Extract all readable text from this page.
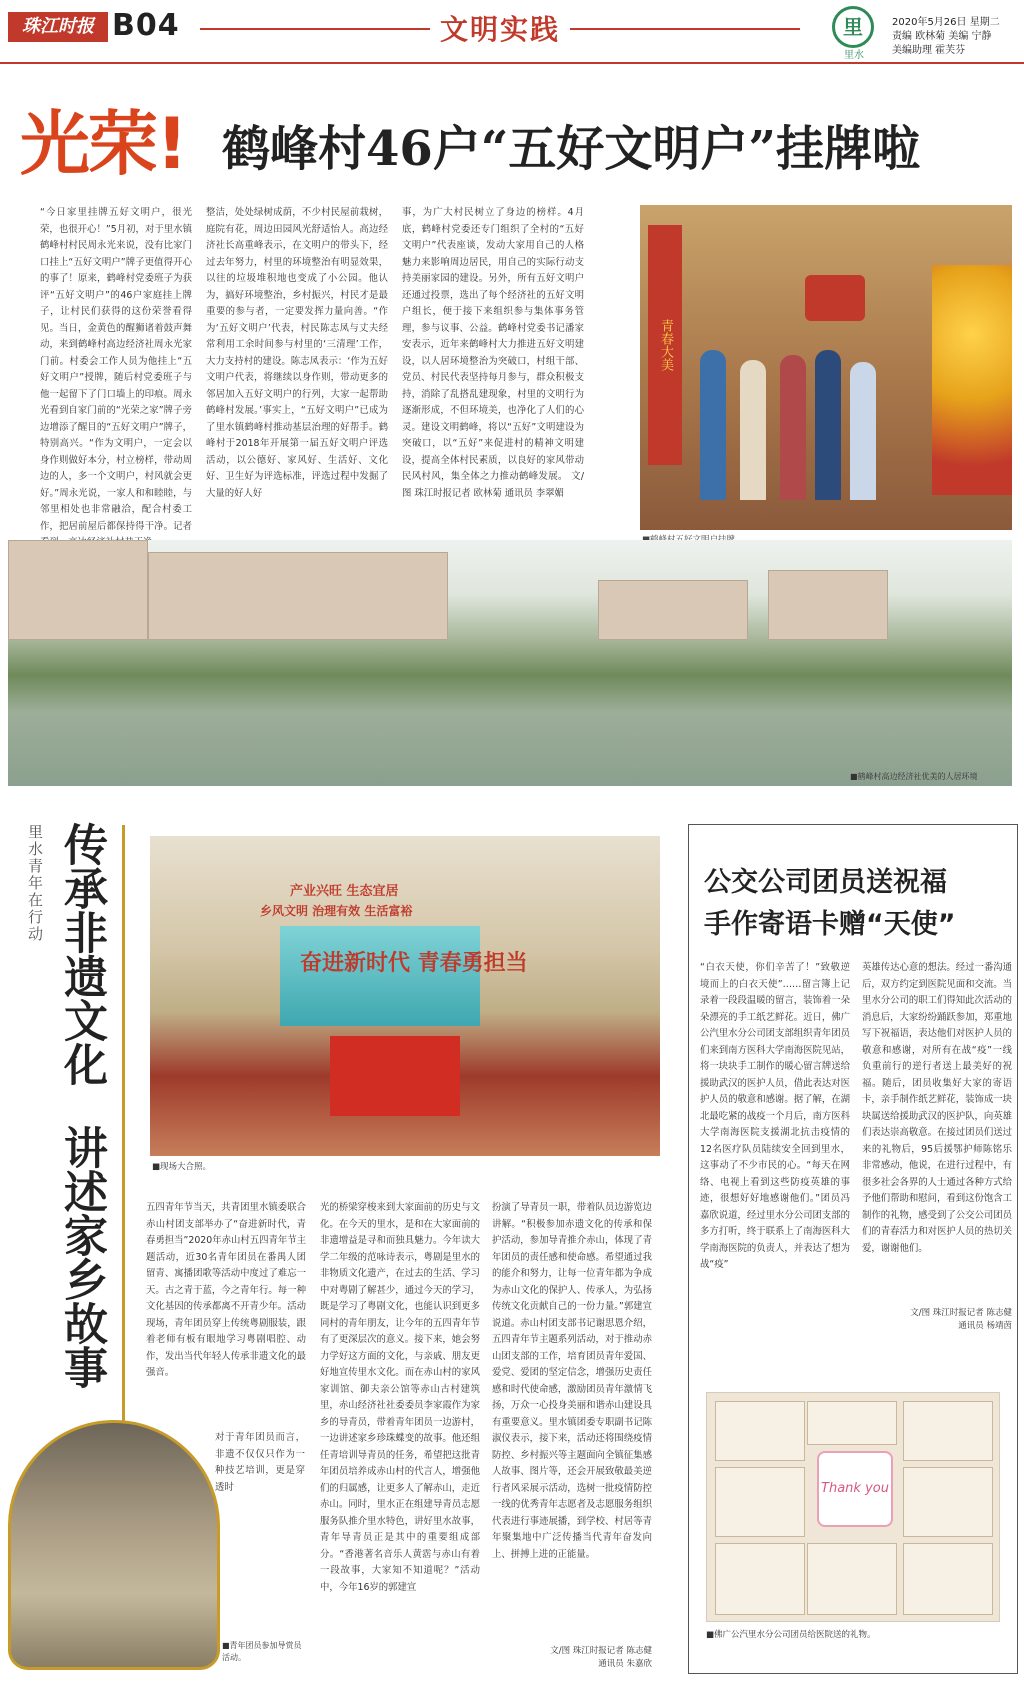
珠江时报 B04	文明实践	里
里水
2020年5月26日 星期二
责编 欧林菊 美编 宁静
美编助理 霍芙芬
光荣! 鹤峰村46户“五好文明户”挂牌啦
“今日家里挂牌五好文明户，很光荣，也很开心！”5月初，对于里水镇鹤峰村村民周永光来说，没有比家门口挂上“五好文明户”牌子更值得开心的事了！原来，鹤峰村党委班子为获评“五好文明户”的46户家庭挂上牌子，让村民们获得的这份荣誉看得见。当日，金黄色的醒狮诸着鼓声舞动，来到鹤峰村高边经济社周永光家门前。村委会工作人员为他挂上“五好文明户”授牌，随后村党委班子与他一起留下了门口墙上的印痕。周永光看到自家门前的“光荣之家”牌子旁边增添了醒目的“五好文明户”牌子，特别高兴。“作为文明户，一定会以身作则做好本分，村立榜样，带动周边的人，多一个文明户，村风就会更好。”周永光说，一家人和和睦睦，与邻里相处也非常融洽，配合村委工作，把居前屋后都保持得干净。记者
整洁，处处绿树成荫，不少村民屋前栽树，庭院有花，周边田园风光舒适怡人。高边经济社长高重峰表示，在文明户的带头下，经过去年努力，村里的环境整治有明显效果，以往的垃圾堆积地也变成了小公园。他认为，搞好环境整治，乡村振兴，村民才是最重要的参与者，一定要发挥力量向善。“作为‘五好文明户’代表，村民陈志凤与丈夫经常利用工余时间参与村里的‘三清理’工作，大力支持村的建设。陈志凤表示：‘作为五好文明户代表，将继续以身作则，带动更多的邻居加入五好文明户的行列，大家一起帮助鹤峰村发展。’事实上，“五好文明户”已成为了里水镇鹤峰村推动基层治理的好帮手。鹤峰村于2018年开展第一届五好文明户评选活动，以公德好、家风好、生活好、文化好、卫生好为评选标准，评选过程中发掘了大量的好人好
事，为广大村民树立了身边的榜样。4月底，鹤峰村党委还专门组织了全村的“五好文明户”代表座谈，发动大家用自己的人格魅力来影响周边居民，用自己的实际行动支持美丽家园的建设。另外，所有五好文明户还通过投票，选出了每个经济社的五好文明户组长，便于接下来组织参与集体事务管理，参与议事、公益。鹤峰村党委书记潘家安表示，近年来鹤峰村大力推进五好文明建设，以人居环境整治为突破口，村组干部、党员、村民代表坚持每月参与，群众积极支持，消除了乱搭乱建现象，村里的文明行为逐渐形成，不但环境美，也净化了人们的心灵。建设文明鹤峰，将以“五好”文明建设为突破口，以“五好”来促进村的精神文明建设，提高全体村民素质，以良好的家风带动民风村风，集全体之力推动鹤峰发展。 文/图 珠江时报记者 欧林菊 通讯员 李翠媚
青春大美
■鹤峰村高边经济社优美的人居环境
里水青年在行动 传承非遗文化
讲述家乡故事
产业兴旺 生态宜居
乡风文明 治理有效 生活富裕
奋进新时代 青春勇担当
■现场大合照。
五四青年节当天，共青团里水镇委联合赤山村团支部举办了“奋进新时代，青春勇担当”2020年赤山村五四青年节主题活动，近30名青年团员在番禺人团留青、寓播团歌等活动中度过了难忘一天。古之青于蓝，今之青年行。每一种文化基因的传承都离不开青少年。活动现场，青年团员穿上传统粤剧服装，跟着老师有板有眼地学习粤剧唱腔、动作，发出当代年轻人传承非遗文化的最强音。
对于青年团员而言，非遗不仅仅只作为一种技艺培训，更是穿透时
光的桥梁穿梭来到大家面前的历史与文化。在今天的里水，是和在大家面前的非遗增益是寻和而独具魅力。今年读大学二年级的范咏诗表示，粤剧是里水的非物质文化遗产，在过去的生活、学习中对粤剧了解甚少，通过今天的学习，既是学习了粤剧文化，也能认识到更多同村的青年朋友，让今年的五四青年节有了更深层次的意义。接下来，她会努力学好这方面的文化，与亲戚、朋友更好地宣传里水文化。而在赤山村的家风家训馆、御夫亲公馆等赤山古村建筑里，赤山经济社社委委员李家霞作为家乡的导青员，带着青年团员一边游村，一边讲述家乡珍珠蝶变的故事。他还组任青培训导青员的任务，希望把这批青年团员培养成赤山村的代言人，增强他们的归属感，让更多人了解赤山，走近赤山。同时，里水正在组建导青员志愿服务队推介里水特色，讲好里水故事，青年导青员正是其中的重要组成部分。“香港著名音乐人黄霑与赤山有着一段故事，大家知不知道呢？”活动中，今年16岁的郭建宣
扮演了导青员一职，带着队员边游览边讲解。“积极参加赤遗文化的传承和保护活动，参加导青推介赤山，体现了青年团员的责任感和使命感。希望通过我的能介和努力，让每一位青年都为争成为赤山文化的保护人、传承人，为弘扬传统文化贡献自己的一份力量。”郭建宣说道。赤山村团支部书记谢思恩介绍，五四青年节主题系列活动，对于推动赤山团支部的工作，培育团员青年爱国、爱党、爱团的坚定信念，增强历史责任感和时代使命感，激励团员青年激情飞扬，万众一心投身美丽和谐赤山建设具有重要意义。里水镇团委专职副书记陈淑仪表示，接下来，活动还将围绕疫情防控、乡村振兴等主题面向全镇征集感人故事、图片等，还会开展致敬最美逆行者风采展示活动，选树一批疫情防控一线的优秀青年志愿者及志愿服务组织代表进行事迹展播，到学校、村居等青年聚集地中广泛传播当代青年奋发向上、拼搏上进的正能量。
文/图 珠江时报记者 陈志健
通讯员 朱嘉欣
■青年团员参加导赏员活动。
公交公司团员送祝福
手作寄语卡赠“天使”
“白衣天使，你们辛苦了！”致敬逆境而上的白衣天使”……留言簿上记录着一段段温暖的留言，装饰着一朵朵漂亮的手工纸艺鲜花。近日，佛广公汽里水分公司团支部组织青年团员们来到南方医科大学南海医院见站，将一块块手工制作的暖心留言牌送给援助武汉的医护人员，借此表达对医护人员的敬意和感谢。据了解，在湖北最吃紧的战疫一个月后，南方医科大学南海医院支援湖北抗击疫情的12名医疗队员陆续安全回到里水，这事动了不少市民的心。“每天在网络、电视上看到这些防疫英雄的事迹，很想好好地感谢他们。”团员冯嘉欣说道，经过里水分公司团支部的多方打听，终于联系上了南海医科大学南海医院的负责人，并表达了想为战“疫”
英雄传达心意的想法。经过一番沟通后，双方约定到医院见面和交流。当里水分公司的职工们得知此次活动的消息后，大家纷纷踊跃参加，郑重地写下祝福语，表达他们对医护人员的敬意和感谢，对所有在战“疫”一线负重前行的逆行者送上最美好的祝福。随后，团员收集好大家的寄语卡，亲手制作纸艺鲜花，装饰成一块块属送给援助武汉的医护队，向英雄们表达崇高敬意。在接过团员们送过来的礼物后，95后援鄂护师陈铭乐非常感动，他说，在进行过程中，有很多社会各界的人士通过各种方式给予他们帮助和慰问，看到这份饱含工制作的礼物，感受到了公交公司团员们的青春活力和对医护人员的热切关爱，谢谢他们。
文/图 珠江时报记者 陈志健
通讯员 杨靖茵
Thank you
■佛广公汽里水分公司团员给医院送的礼物。
